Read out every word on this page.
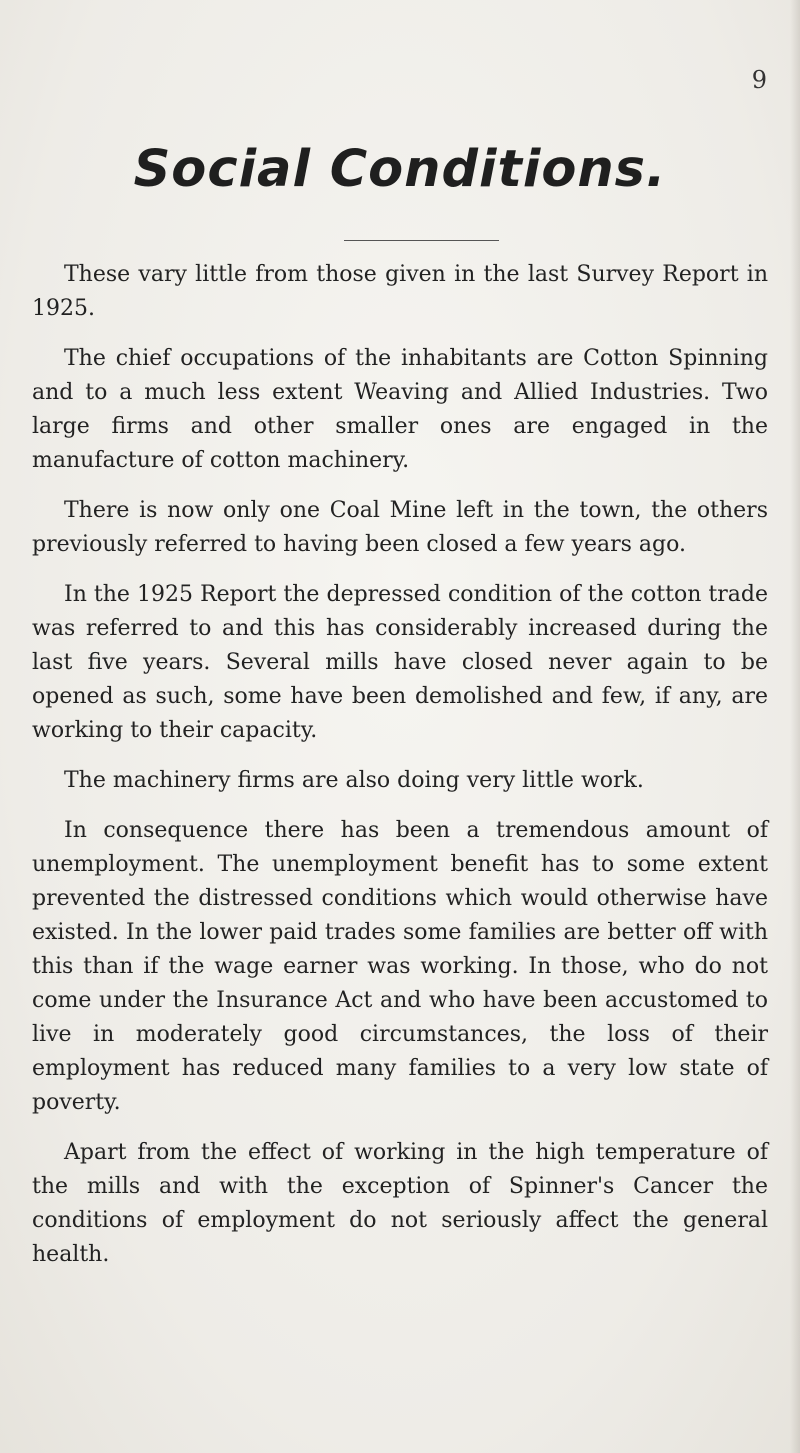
9
Social Conditions.

These vary little from those given in the last Survey Report in 1925.

The chief occupations of the inhabitants are Cotton Spinning and to a much less extent Weaving and Allied Industries. Two large firms and other smaller ones are engaged in the manufacture of cotton machinery.

There is now only one Coal Mine left in the town, the others previously referred to having been closed a few years ago.

In the 1925 Report the depressed condition of the cotton trade was referred to and this has considerably increased during the last five years. Several mills have closed never again to be opened as such, some have been demolished and few, if any, are working to their capacity.

The machinery firms are also doing very little work.

In consequence there has been a tremendous amount of unemployment. The unemployment benefit has to some extent prevented the distressed conditions which would otherwise have existed. In the lower paid trades some families are better off with this than if the wage earner was working. In those, who do not come under the Insurance Act and who have been accustomed to live in moderately good circumstances, the loss of their employment has reduced many families to a very low state of poverty.

Apart from the effect of working in the high temperature of the mills and with the exception of Spinner's Cancer the conditions of employment do not seriously affect the general health.
